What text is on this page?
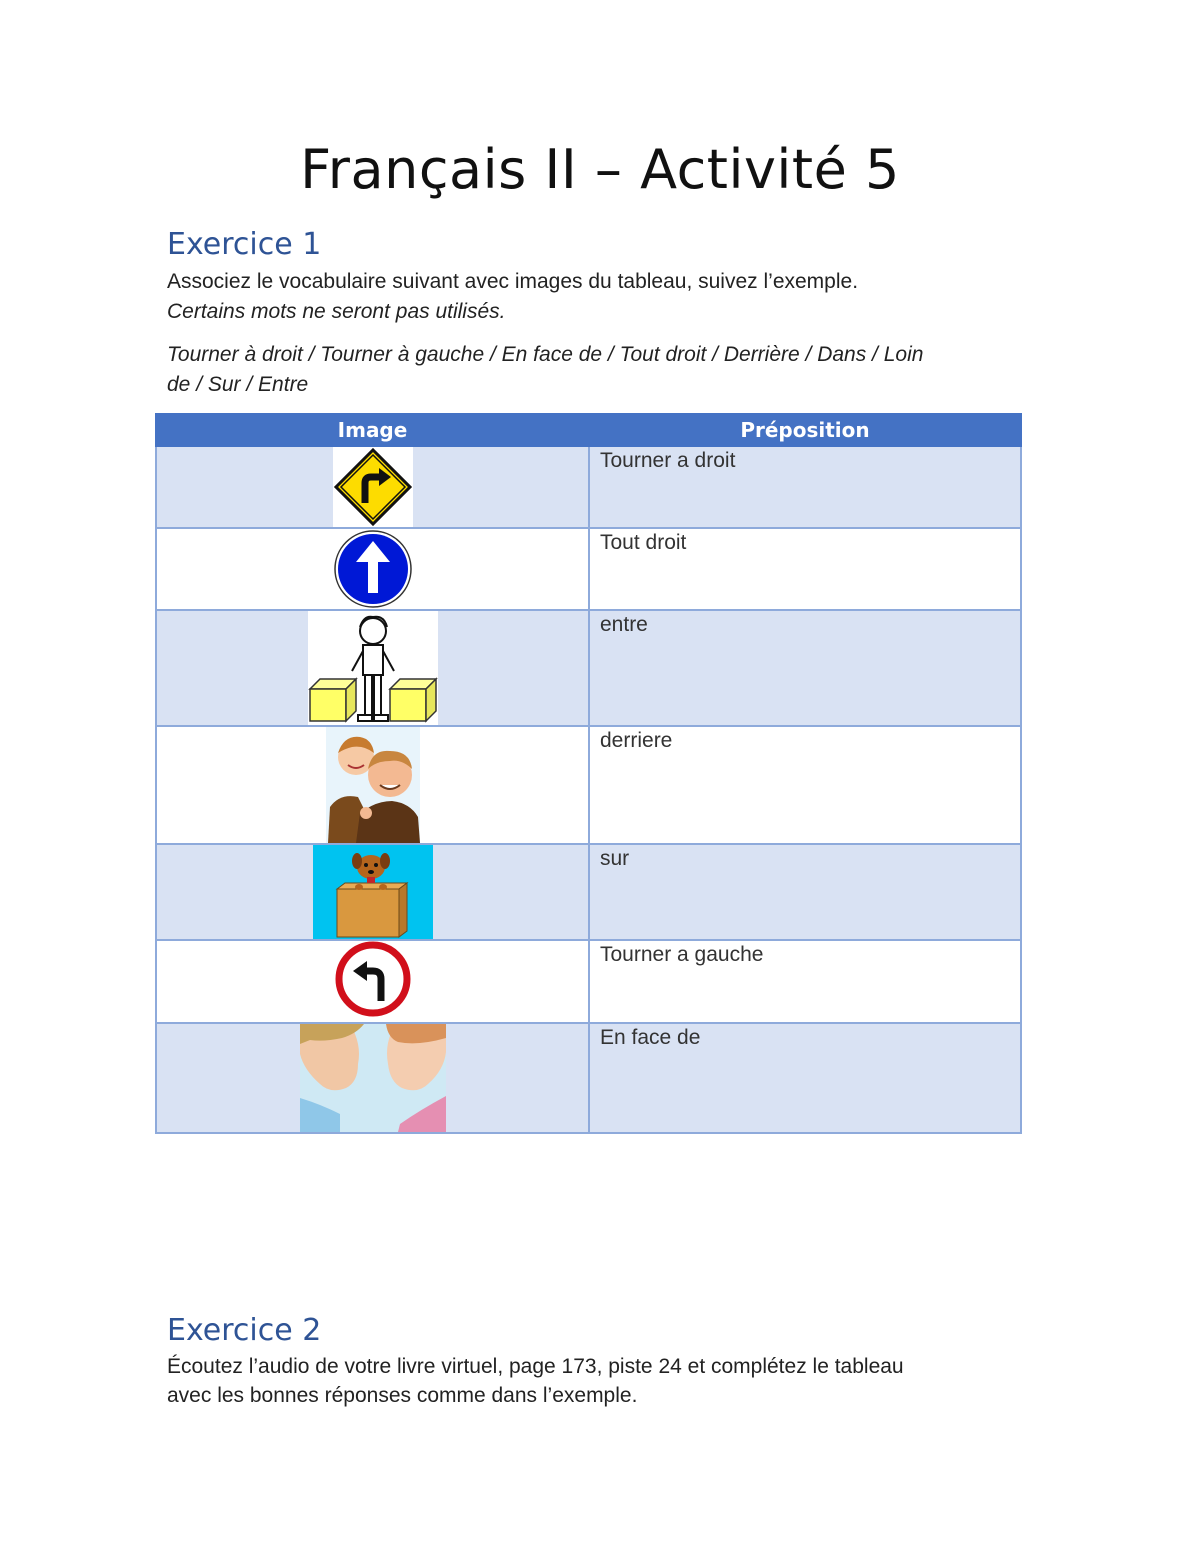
Français II – Activité 5
Exercice 1
Associez le vocabulaire suivant avec images du tableau, suivez l’exemple.
Certains mots ne seront pas utilisés.
Tourner à droit / Tourner à gauche / En face de / Tout droit / Derrière / Dans / Loin
de / Sur / Entre
Image	Préposition

	Tourner a droit

	Tout droit

	entre

	derriere

	sur

	Tourner a gauche

	En face de
Exercice 2
Écoutez l’audio de votre livre virtuel, page 173, piste 24 et complétez le tableau
avec les bonnes réponses comme dans l’exemple.
